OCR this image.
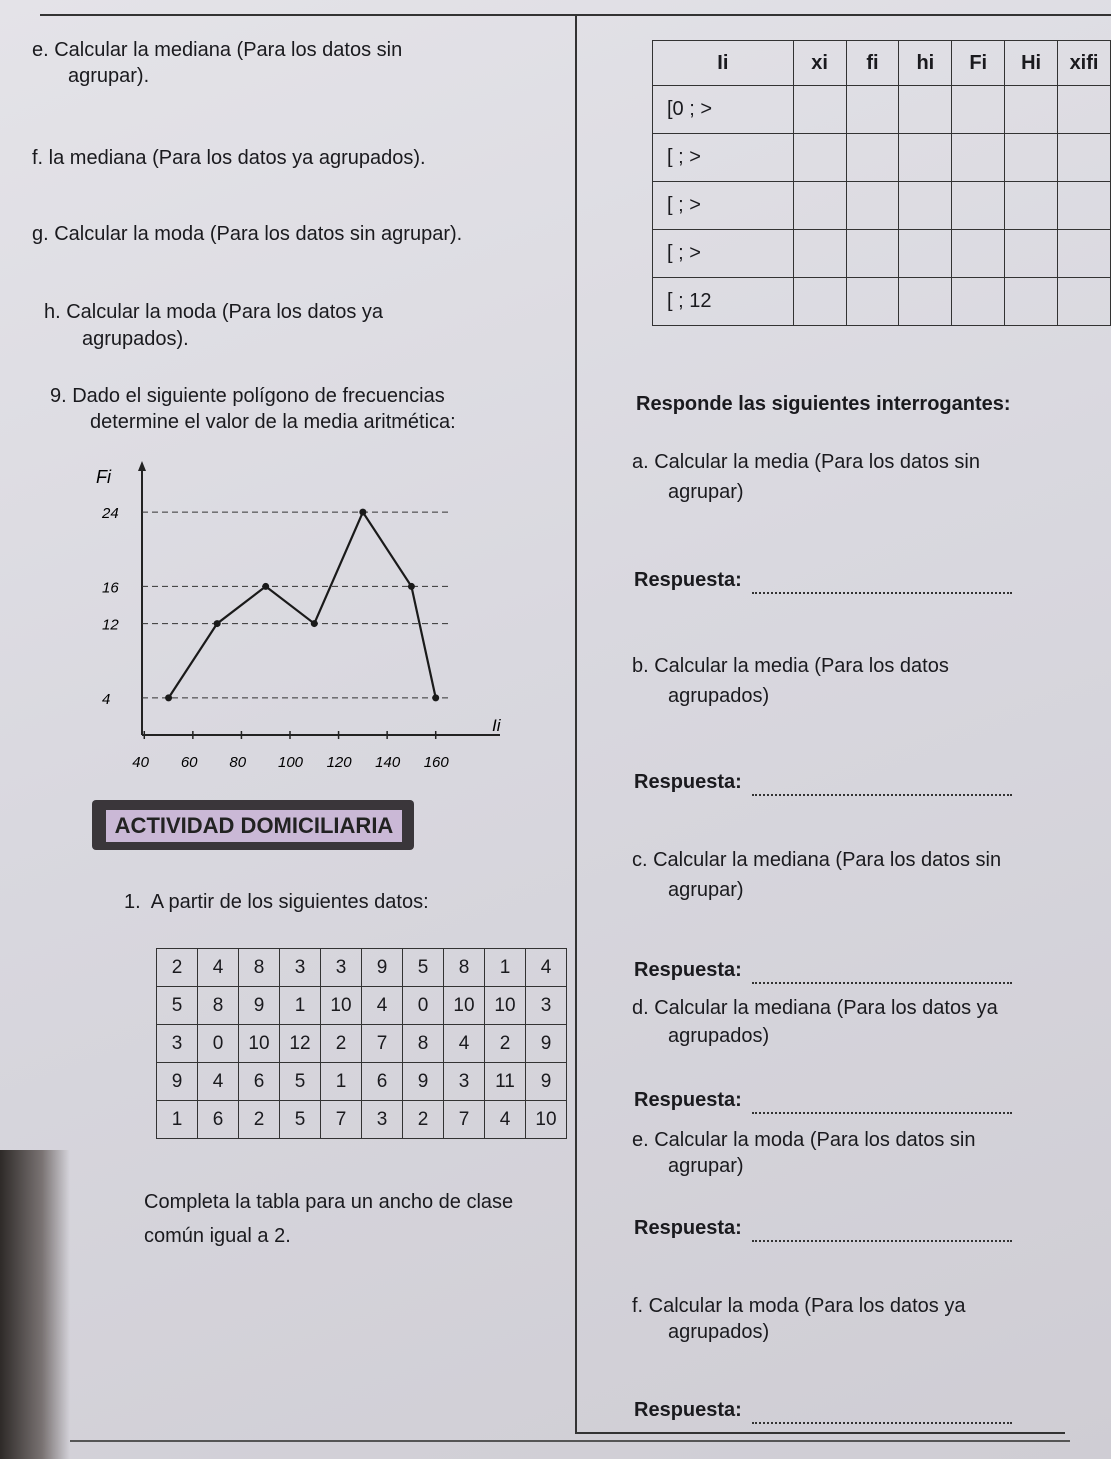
e. Calcular la mediana (Para los datos sin
agrupar).
f. la mediana (Para los datos ya agrupados).
g. Calcular la moda (Para los datos sin agrupar).
h. Calcular la moda (Para los datos ya
agrupados).
Ii	xi	fi	hi	Fi	Hi	xifi
[0 ; >						
[ ; >						
[ ; >						
[ ; >						
[ ; 12						
9. Dado el siguiente polígono de frecuencias
determine el valor de la media aritmética:
Fi
Ii
4
12
16
24
40 60 80 100 120 140 160
ACTIVIDAD DOMICILIARIA
1.  A partir de los siguientes datos:
2	4	8	3	3	9	5	8	1	4
5	8	9	1	10	4	0	10	10	3
3	0	10	12	2	7	8	4	2	9
9	4	6	5	1	6	9	3	11	9
1	6	2	5	7	3	2	7	4	10
Completa la tabla para un ancho de clase
común igual a 2.
Responde las siguientes interrogantes:
a. Calcular la media (Para los datos sin
agrupar)
Respuesta:
b. Calcular la media (Para los datos
agrupados)
Respuesta:
c. Calcular la mediana (Para los datos sin
agrupar)
Respuesta:
d. Calcular la mediana (Para los datos ya
agrupados)
Respuesta:
e. Calcular la moda (Para los datos sin
agrupar)
Respuesta:
f. Calcular la moda (Para los datos ya
agrupados)
Respuesta:
